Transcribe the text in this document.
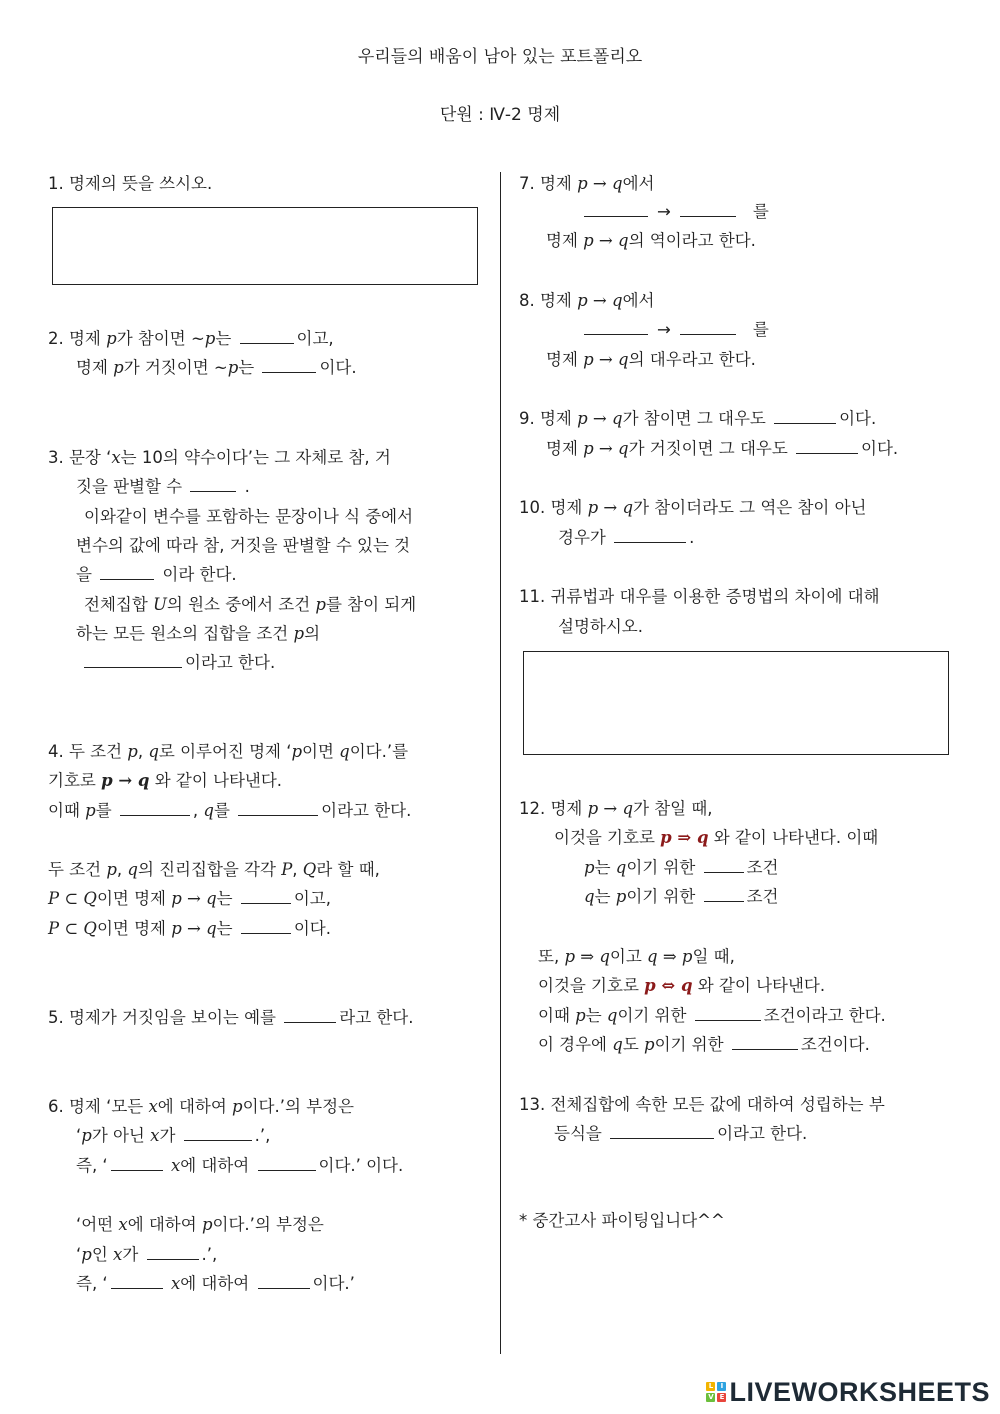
우리들의 배움이 남아 있는 포트폴리오
단원 : Ⅳ-2 명제
1. 명제의 뜻을 쓰시오.
2. 명제 p가 참이면 ~p는	이고,
명제 p가 거짓이면 ~p는	이다.
3. 문장 ‘x는 10의 약수이다’는 그 자체로 참, 거
짓을 판별할 수	.
이와같이 변수를 포함하는 문장이나 식 중에서
변수의 값에 따라 참, 거짓을 판별할 수 있는 것
을	이라 한다.
전체집합 U의 원소 중에서 조건 p를 참이 되게
하는 모든 원소의 집합을 조건 p의
이라고 한다.
4. 두 조건 p, q로 이루어진 명제 ‘p이면 q이다.’를
기호로 p → q 와 같이 나타낸다.
이때 p를	, q를	이라고 한다.
두 조건 p, q의 진리집합을 각각 P, Q라 할 때,
P ⊂ Q이면 명제 p → q는	이고,
P ⊂ Q이면 명제 p → q는	이다.
5. 명제가 거짓임을 보이는 예를	라고 한다.
6. 명제 ‘모든 x에 대하여 p이다.’의 부정은
‘p가 아닌 x가	.’,
즉, ‘	x에 대하여	이다.’ 이다.
‘어떤 x에 대하여 p이다.’의 부정은
‘p인 x가	.’,
즉, ‘	x에 대하여	이다.’
7. 명제 p → q에서
→	를
명제 p → q의 역이라고 한다.
8. 명제 p → q에서
→	를
명제 p → q의 대우라고 한다.
9. 명제 p → q가 참이면 그 대우도	이다.
명제 p → q가 거짓이면 그 대우도	이다.
10. 명제 p → q가 참이더라도 그 역은 참이 아닌
경우가	.
11. 귀류법과 대우를 이용한 증명법의 차이에 대해
설명하시오.
12. 명제 p → q가 참일 때,
이것을 기호로 p ⇒ q 와 같이 나타낸다. 이때
p는 q이기 위한	조건
q는 p이기 위한	조건
또, p ⇒ q이고 q ⇒ p일 때,
이것을 기호로 p ⇔ q 와 같이 나타낸다.
이때 p는 q이기 위한	조건이라고 한다.
이 경우에 q도 p이기 위한	조건이다.
13. 전체집합에 속한 모든 값에 대하여 성립하는 부
등식을	이라고 한다.
* 중간고사 파이팅입니다^^
L	I
V E LIVEWORKSHEETS
